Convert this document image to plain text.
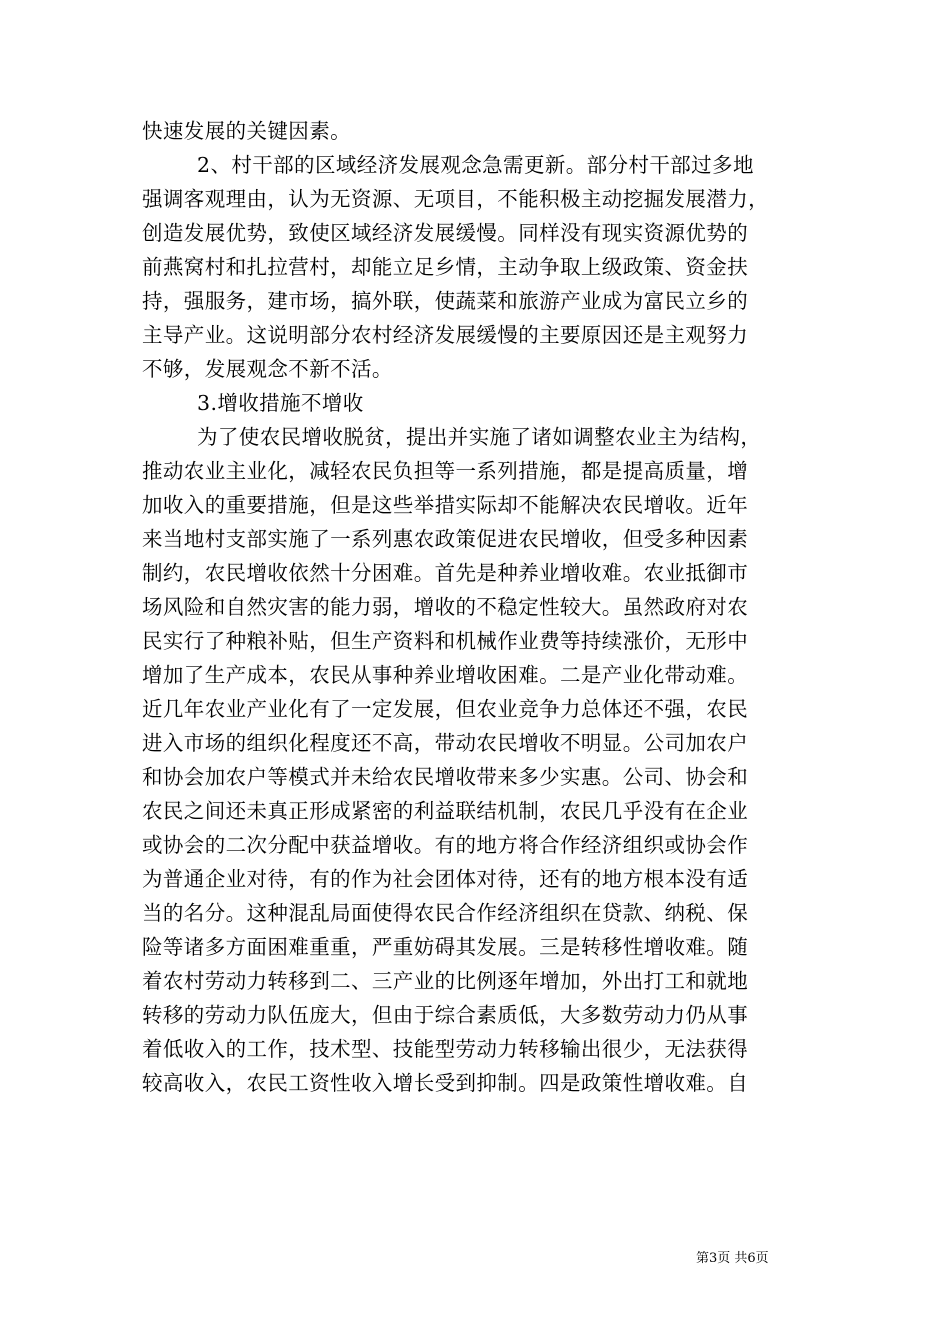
快速发展的关键因素。
2、村干部的区域经济发展观念急需更新。部分村干部过多地
强调客观理由，认为无资源、无项目，不能积极主动挖掘发展潜力，
创造发展优势，致使区域经济发展缓慢。同样没有现实资源优势的
前燕窝村和扎拉营村，却能立足乡情，主动争取上级政策、资金扶
持，强服务，建市场，搞外联，使蔬菜和旅游产业成为富民立乡的
主导产业。这说明部分农村经济发展缓慢的主要原因还是主观努力
不够，发展观念不新不活。
3.增收措施不增收
为了使农民增收脱贫，提出并实施了诸如调整农业主为结构，
推动农业主业化，减轻农民负担等一系列措施，都是提高质量，增
加收入的重要措施，但是这些举措实际却不能解决农民增收。近年
来当地村支部实施了一系列惠农政策促进农民增收，但受多种因素
制约，农民增收依然十分困难。首先是种养业增收难。农业抵御市
场风险和自然灾害的能力弱，增收的不稳定性较大。虽然政府对农
民实行了种粮补贴，但生产资料和机械作业费等持续涨价，无形中
增加了生产成本，农民从事种养业增收困难。二是产业化带动难。
近几年农业产业化有了一定发展，但农业竞争力总体还不强，农民
进入市场的组织化程度还不高，带动农民增收不明显。公司加农户
和协会加农户等模式并未给农民增收带来多少实惠。公司、协会和
农民之间还未真正形成紧密的利益联结机制，农民几乎没有在企业
或协会的二次分配中获益增收。有的地方将合作经济组织或协会作
为普通企业对待，有的作为社会团体对待，还有的地方根本没有适
当的名分。这种混乱局面使得农民合作经济组织在贷款、纳税、保
险等诸多方面困难重重，严重妨碍其发展。三是转移性增收难。随
着农村劳动力转移到二、三产业的比例逐年增加，外出打工和就地
转移的劳动力队伍庞大，但由于综合素质低，大多数劳动力仍从事
着低收入的工作，技术型、技能型劳动力转移输出很少，无法获得
较高收入，农民工资性收入增长受到抑制。四是政策性增收难。自
第3页 共6页
